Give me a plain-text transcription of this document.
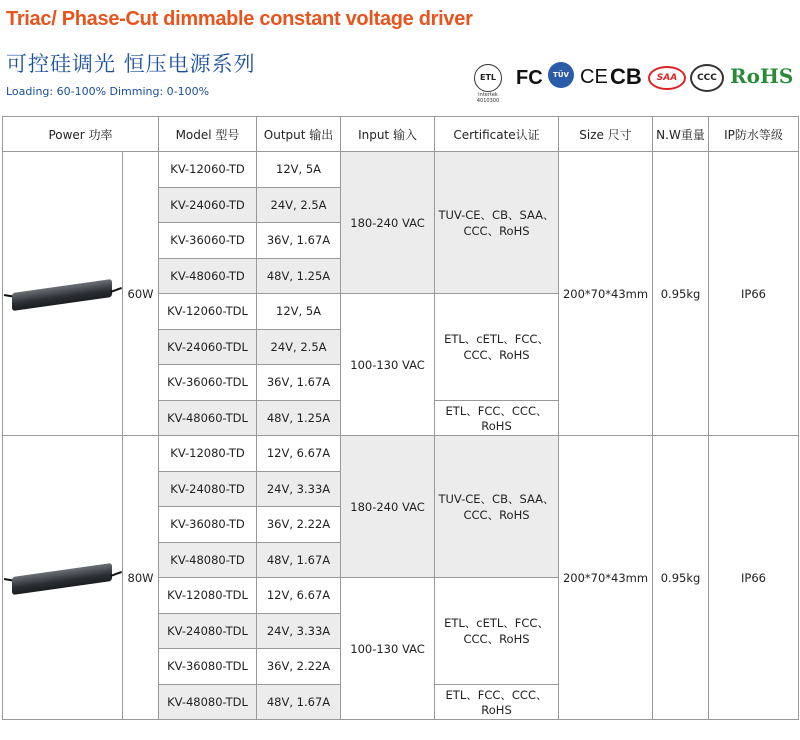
Triac/ Phase-Cut dimmable constant voltage driver
可控硅调光 恒压电源系列
Loading: 60-100% Dimming: 0-100%
ETL
Intertek 4010300
FC	TÜV CE CB	SAA	CCC RoHS
Power 功率		Model 型号	Output 输出	Input 输入	Certificate认证	Size 尺寸	N.W重量	IP防水等级

	60W	KV-12060-TD	12V, 5A	180-240 VAC	TUV-CE、CB、SAA、CCC、RoHS	200*70*43mm	0.95kg	IP66
		KV-24060-TD	24V, 2.5A					
		KV-36060-TD	36V, 1.67A					
		KV-48060-TD	48V, 1.25A					
		KV-12060-TDL	12V, 5A	100-130 VAC	ETL、cETL、FCC、CCC、RoHS			
		KV-24060-TDL	24V, 2.5A					
		KV-36060-TDL	36V, 1.67A					
		KV-48060-TDL	48V, 1.25A		ETL、FCC、CCC、RoHS			

	80W	KV-12080-TD	12V, 6.67A	180-240 VAC	TUV-CE、CB、SAA、CCC、RoHS	200*70*43mm	0.95kg	IP66
		KV-24080-TD	24V, 3.33A					
		KV-36080-TD	36V, 2.22A					
		KV-48080-TD	48V, 1.67A					
		KV-12080-TDL	12V, 6.67A	100-130 VAC	ETL、cETL、FCC、CCC、RoHS			
		KV-24080-TDL	24V, 3.33A					
		KV-36080-TDL	36V, 2.22A					
		KV-48080-TDL	48V, 1.67A		ETL、FCC、CCC、RoHS			
